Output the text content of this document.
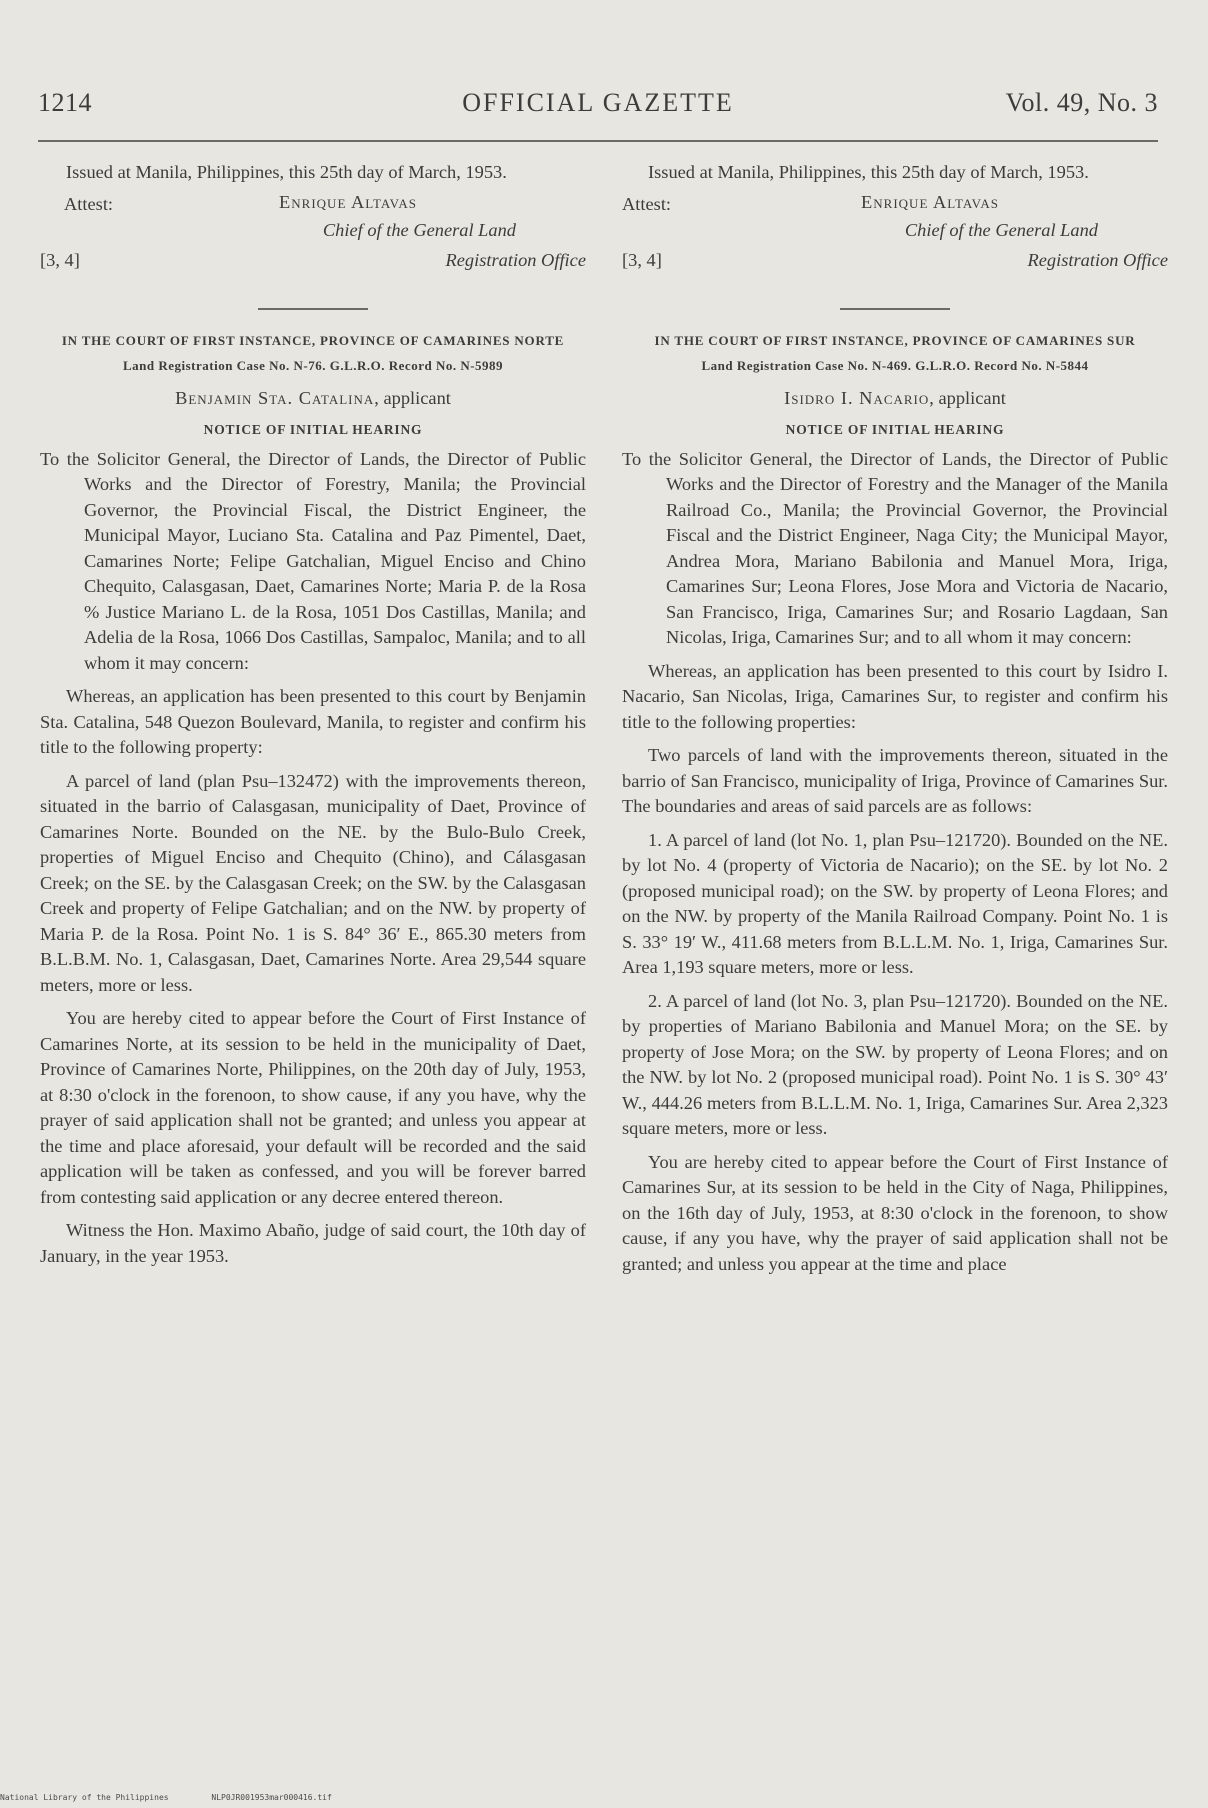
1214	OFFICIAL GAZETTE	Vol. 49, No. 3

Issued at Manila, Philippines, this 25th day of March, 1953.

Attest:	Enrique Altavas
Chief of the General Land
[3, 4]	Registration Office
IN THE COURT OF FIRST INSTANCE, PROVINCE OF CAMARINES NORTE
Land Registration Case No. N-76. G.L.R.O. Record No. N-5989
Benjamin Sta. Catalina, applicant
NOTICE OF INITIAL HEARING

To the Solicitor General, the Director of Lands, the Director of Public Works and the Director of Forestry, Manila; the Provincial Governor, the Provincial Fiscal, the District Engineer, the Municipal Mayor, Luciano Sta. Catalina and Paz Pimentel, Daet, Camarines Norte; Felipe Gatchalian, Miguel Enciso and Chino Chequito, Calasgasan, Daet, Camarines Norte; Maria P. de la Rosa % Justice Mariano L. de la Rosa, 1051 Dos Castillas, Manila; and Adelia de la Rosa, 1066 Dos Castillas, Sampaloc, Manila; and to all whom it may concern:

Whereas, an application has been presented to this court by Benjamin Sta. Catalina, 548 Quezon Boulevard, Manila, to register and confirm his title to the following property:

A parcel of land (plan Psu–132472) with the improvements thereon, situated in the barrio of Calasgasan, municipality of Daet, Province of Camarines Norte. Bounded on the NE. by the Bulo-Bulo Creek, properties of Miguel Enciso and Chequito (Chino), and Cálasgasan Creek; on the SE. by the Calasgasan Creek; on the SW. by the Calasgasan Creek and property of Felipe Gatchalian; and on the NW. by property of Maria P. de la Rosa. Point No. 1 is S. 84° 36′ E., 865.30 meters from B.L.B.M. No. 1, Calasgasan, Daet, Camarines Norte. Area 29,544 square meters, more or less.

You are hereby cited to appear before the Court of First Instance of Camarines Norte, at its session to be held in the municipality of Daet, Province of Camarines Norte, Philippines, on the 20th day of July, 1953, at 8:30 o'clock in the forenoon, to show cause, if any you have, why the prayer of said application shall not be granted; and unless you appear at the time and place aforesaid, your default will be recorded and the said application will be taken as confessed, and you will be forever barred from contesting said application or any decree entered thereon.

Witness the Hon. Maximo Abaño, judge of said court, the 10th day of January, in the year 1953.

Issued at Manila, Philippines, this 25th day of March, 1953.

Attest:	Enrique Altavas
Chief of the General Land
[3, 4]	Registration Office
IN THE COURT OF FIRST INSTANCE, PROVINCE OF CAMARINES SUR
Land Registration Case No. N-469. G.L.R.O. Record No. N-5844
Isidro I. Nacario, applicant
NOTICE OF INITIAL HEARING

To the Solicitor General, the Director of Lands, the Director of Public Works and the Director of Forestry and the Manager of the Manila Railroad Co., Manila; the Provincial Governor, the Provincial Fiscal and the District Engineer, Naga City; the Municipal Mayor, Andrea Mora, Mariano Babilonia and Manuel Mora, Iriga, Camarines Sur; Leona Flores, Jose Mora and Victoria de Nacario, San Francisco, Iriga, Camarines Sur; and Rosario Lagdaan, San Nicolas, Iriga, Camarines Sur; and to all whom it may concern:

Whereas, an application has been presented to this court by Isidro I. Nacario, San Nicolas, Iriga, Camarines Sur, to register and confirm his title to the following properties:

Two parcels of land with the improvements thereon, situated in the barrio of San Francisco, municipality of Iriga, Province of Camarines Sur. The boundaries and areas of said parcels are as follows:

1. A parcel of land (lot No. 1, plan Psu–121720). Bounded on the NE. by lot No. 4 (property of Victoria de Nacario); on the SE. by lot No. 2 (proposed municipal road); on the SW. by property of Leona Flores; and on the NW. by property of the Manila Railroad Company. Point No. 1 is S. 33° 19′ W., 411.68 meters from B.L.L.M. No. 1, Iriga, Camarines Sur. Area 1,193 square meters, more or less.

2. A parcel of land (lot No. 3, plan Psu–121720). Bounded on the NE. by properties of Mariano Babilonia and Manuel Mora; on the SE. by property of Jose Mora; on the SW. by property of Leona Flores; and on the NW. by lot No. 2 (proposed municipal road). Point No. 1 is S. 30° 43′ W., 444.26 meters from B.L.L.M. No. 1, Iriga, Camarines Sur. Area 2,323 square meters, more or less.

You are hereby cited to appear before the Court of First Instance of Camarines Sur, at its session to be held in the City of Naga, Philippines, on the 16th day of July, 1953, at 8:30 o'clock in the forenoon, to show cause, if any you have, why the prayer of said application shall not be granted; and unless you appear at the time and place

National Library of the Philippines	NLP0JR001953mar000416.tif
